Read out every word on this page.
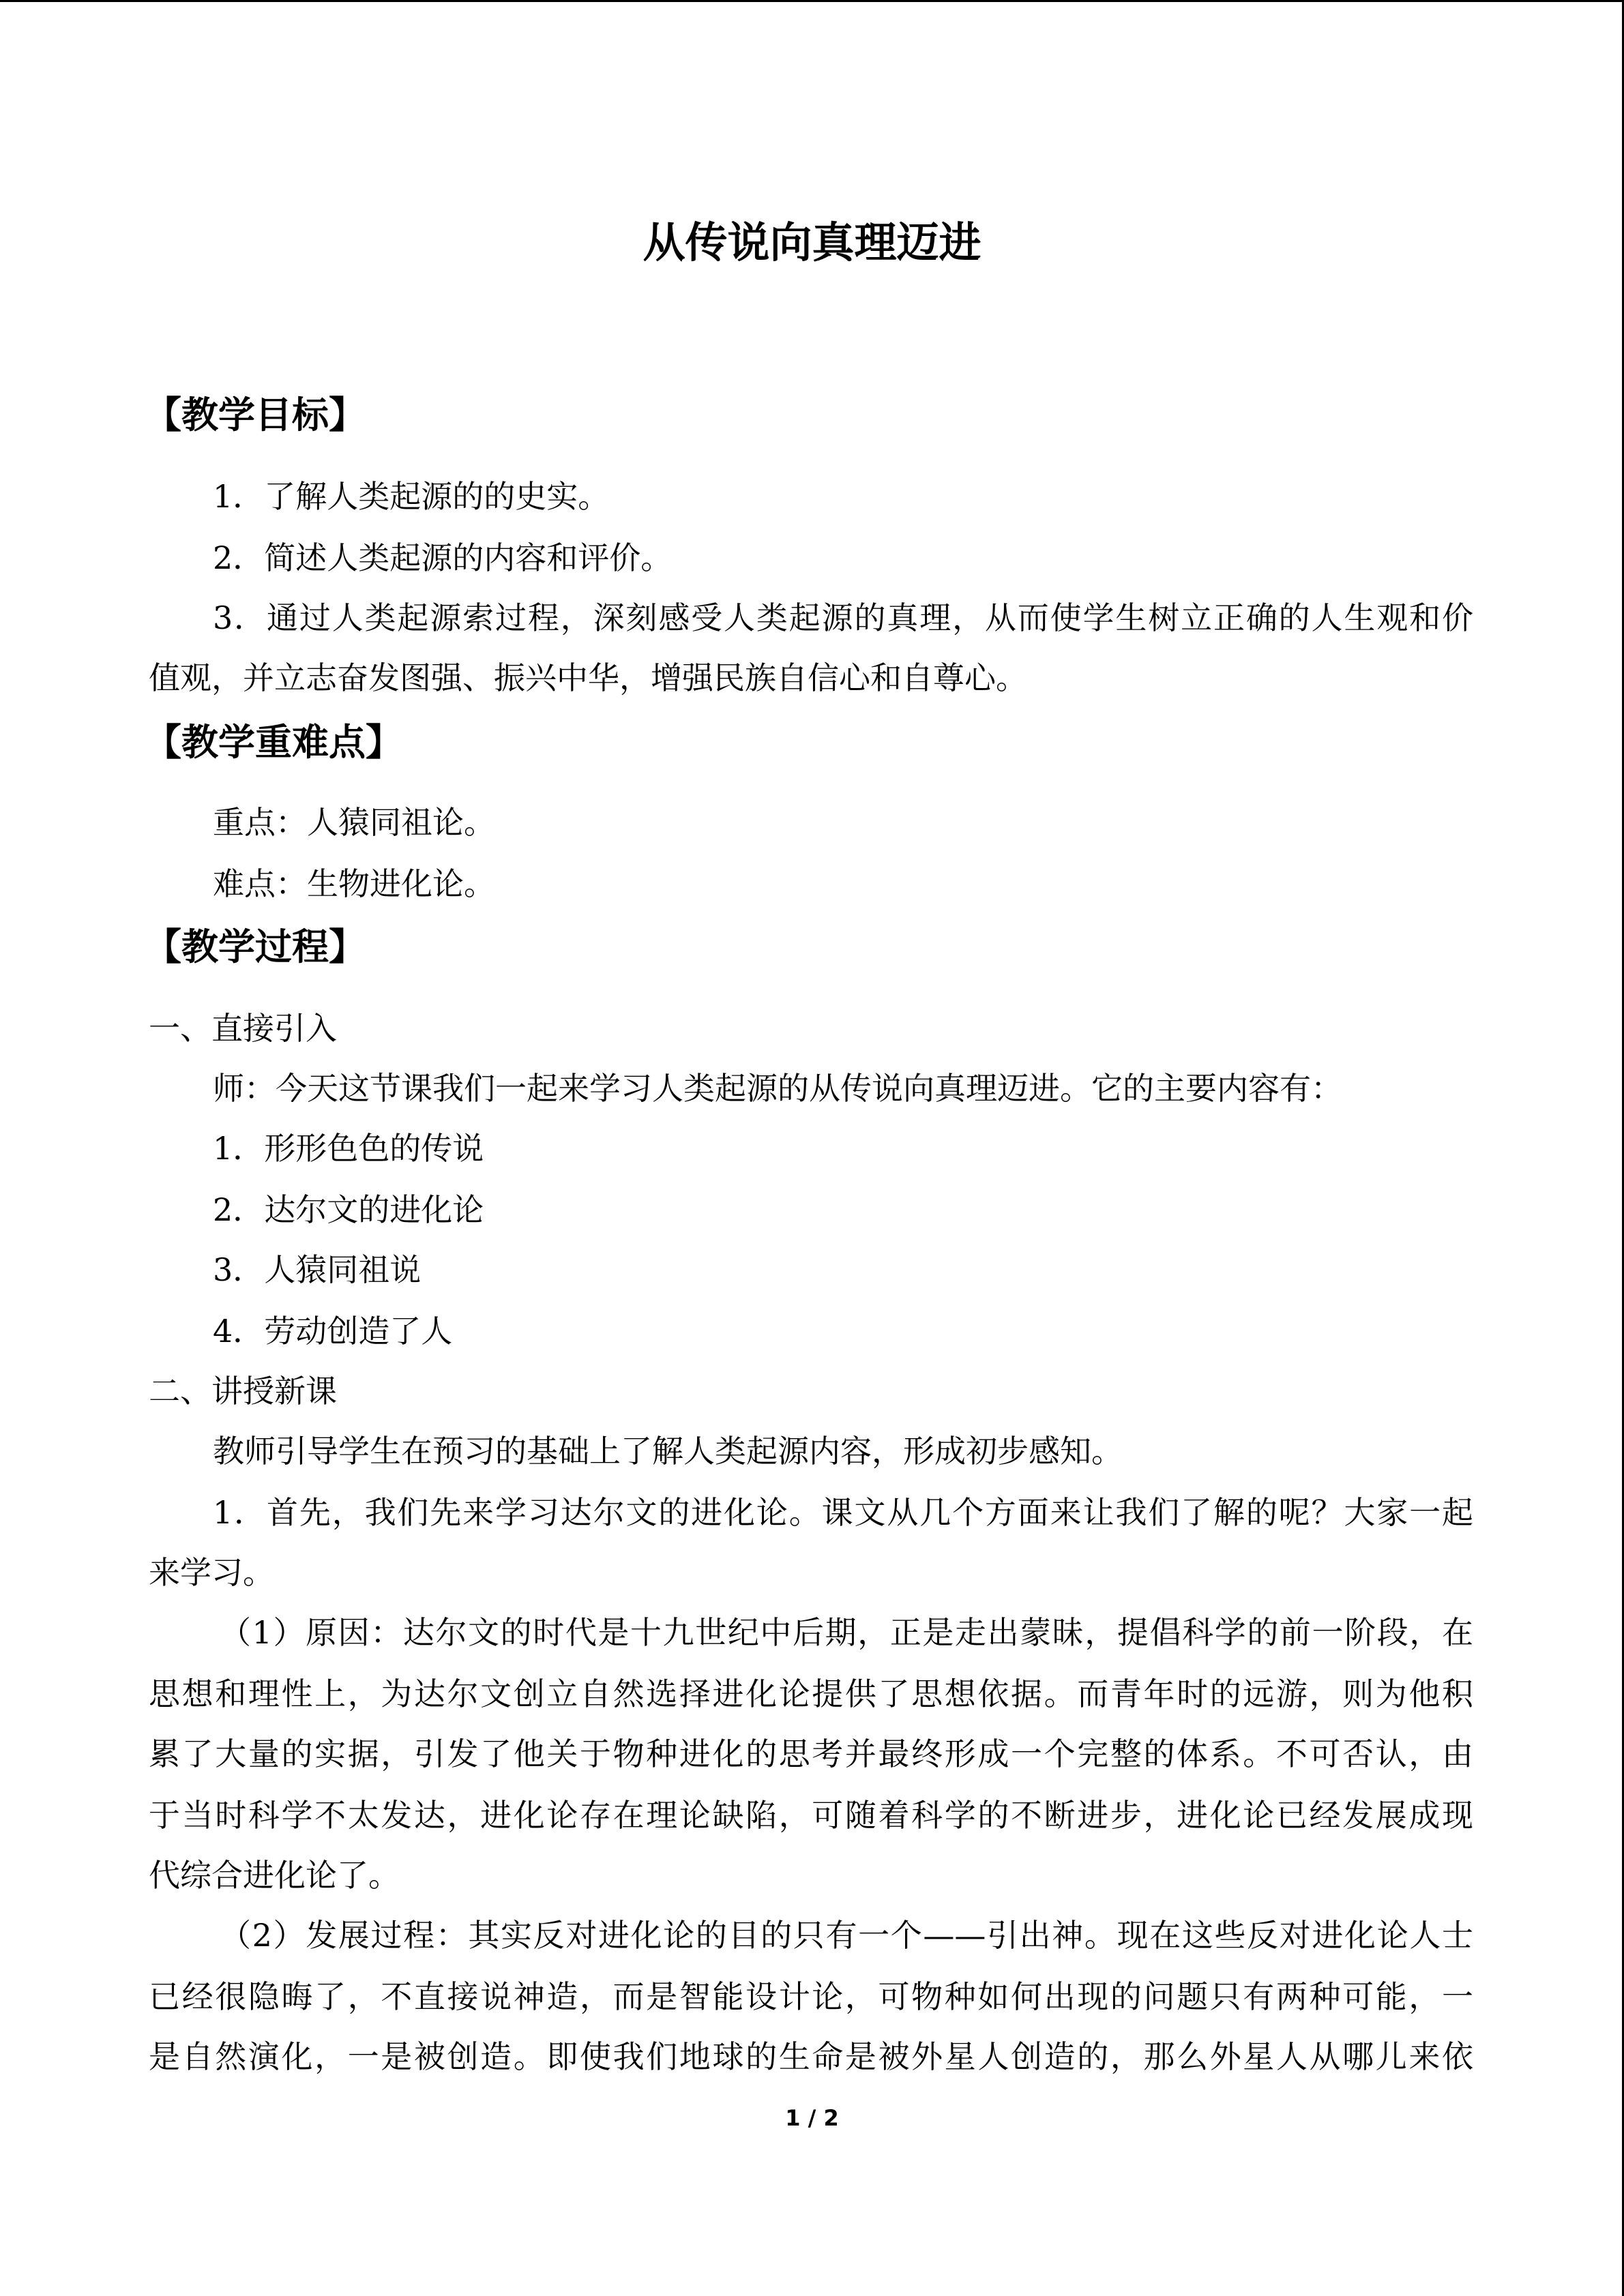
从传说向真理迈进
【教学目标】
1．了解人类起源的的史实。
2．简述人类起源的内容和评价。
3．通过人类起源索过程，深刻感受人类起源的真理，从而使学生树立正确的人生观和价
值观，并立志奋发图强、振兴中华，增强民族自信心和自尊心。
【教学重难点】
重点：人猿同祖论。
难点：生物进化论。
【教学过程】
一、直接引入
师：今天这节课我们一起来学习人类起源的从传说向真理迈进。它的主要内容有：
1．形形色色的传说
2．达尔文的进化论
3．人猿同祖说
4．劳动创造了人
二、讲授新课
教师引导学生在预习的基础上了解人类起源内容，形成初步感知。
1．首先，我们先来学习达尔文的进化论。课文从几个方面来让我们了解的呢？大家一起
来学习。
（1）原因：达尔文的时代是十九世纪中后期，正是走出蒙昧，提倡科学的前一阶段，在
思想和理性上，为达尔文创立自然选择进化论提供了思想依据。而青年时的远游，则为他积
累了大量的实据，引发了他关于物种进化的思考并最终形成一个完整的体系。不可否认，由
于当时科学不太发达，进化论存在理论缺陷，可随着科学的不断进步，进化论已经发展成现
代综合进化论了。
（2）发展过程：其实反对进化论的目的只有一个——引出神。现在这些反对进化论人士
已经很隐晦了，不直接说神造，而是智能设计论，可物种如何出现的问题只有两种可能，一
是自然演化，一是被创造。即使我们地球的生命是被外星人创造的，那么外星人从哪儿来依
1 / 2
